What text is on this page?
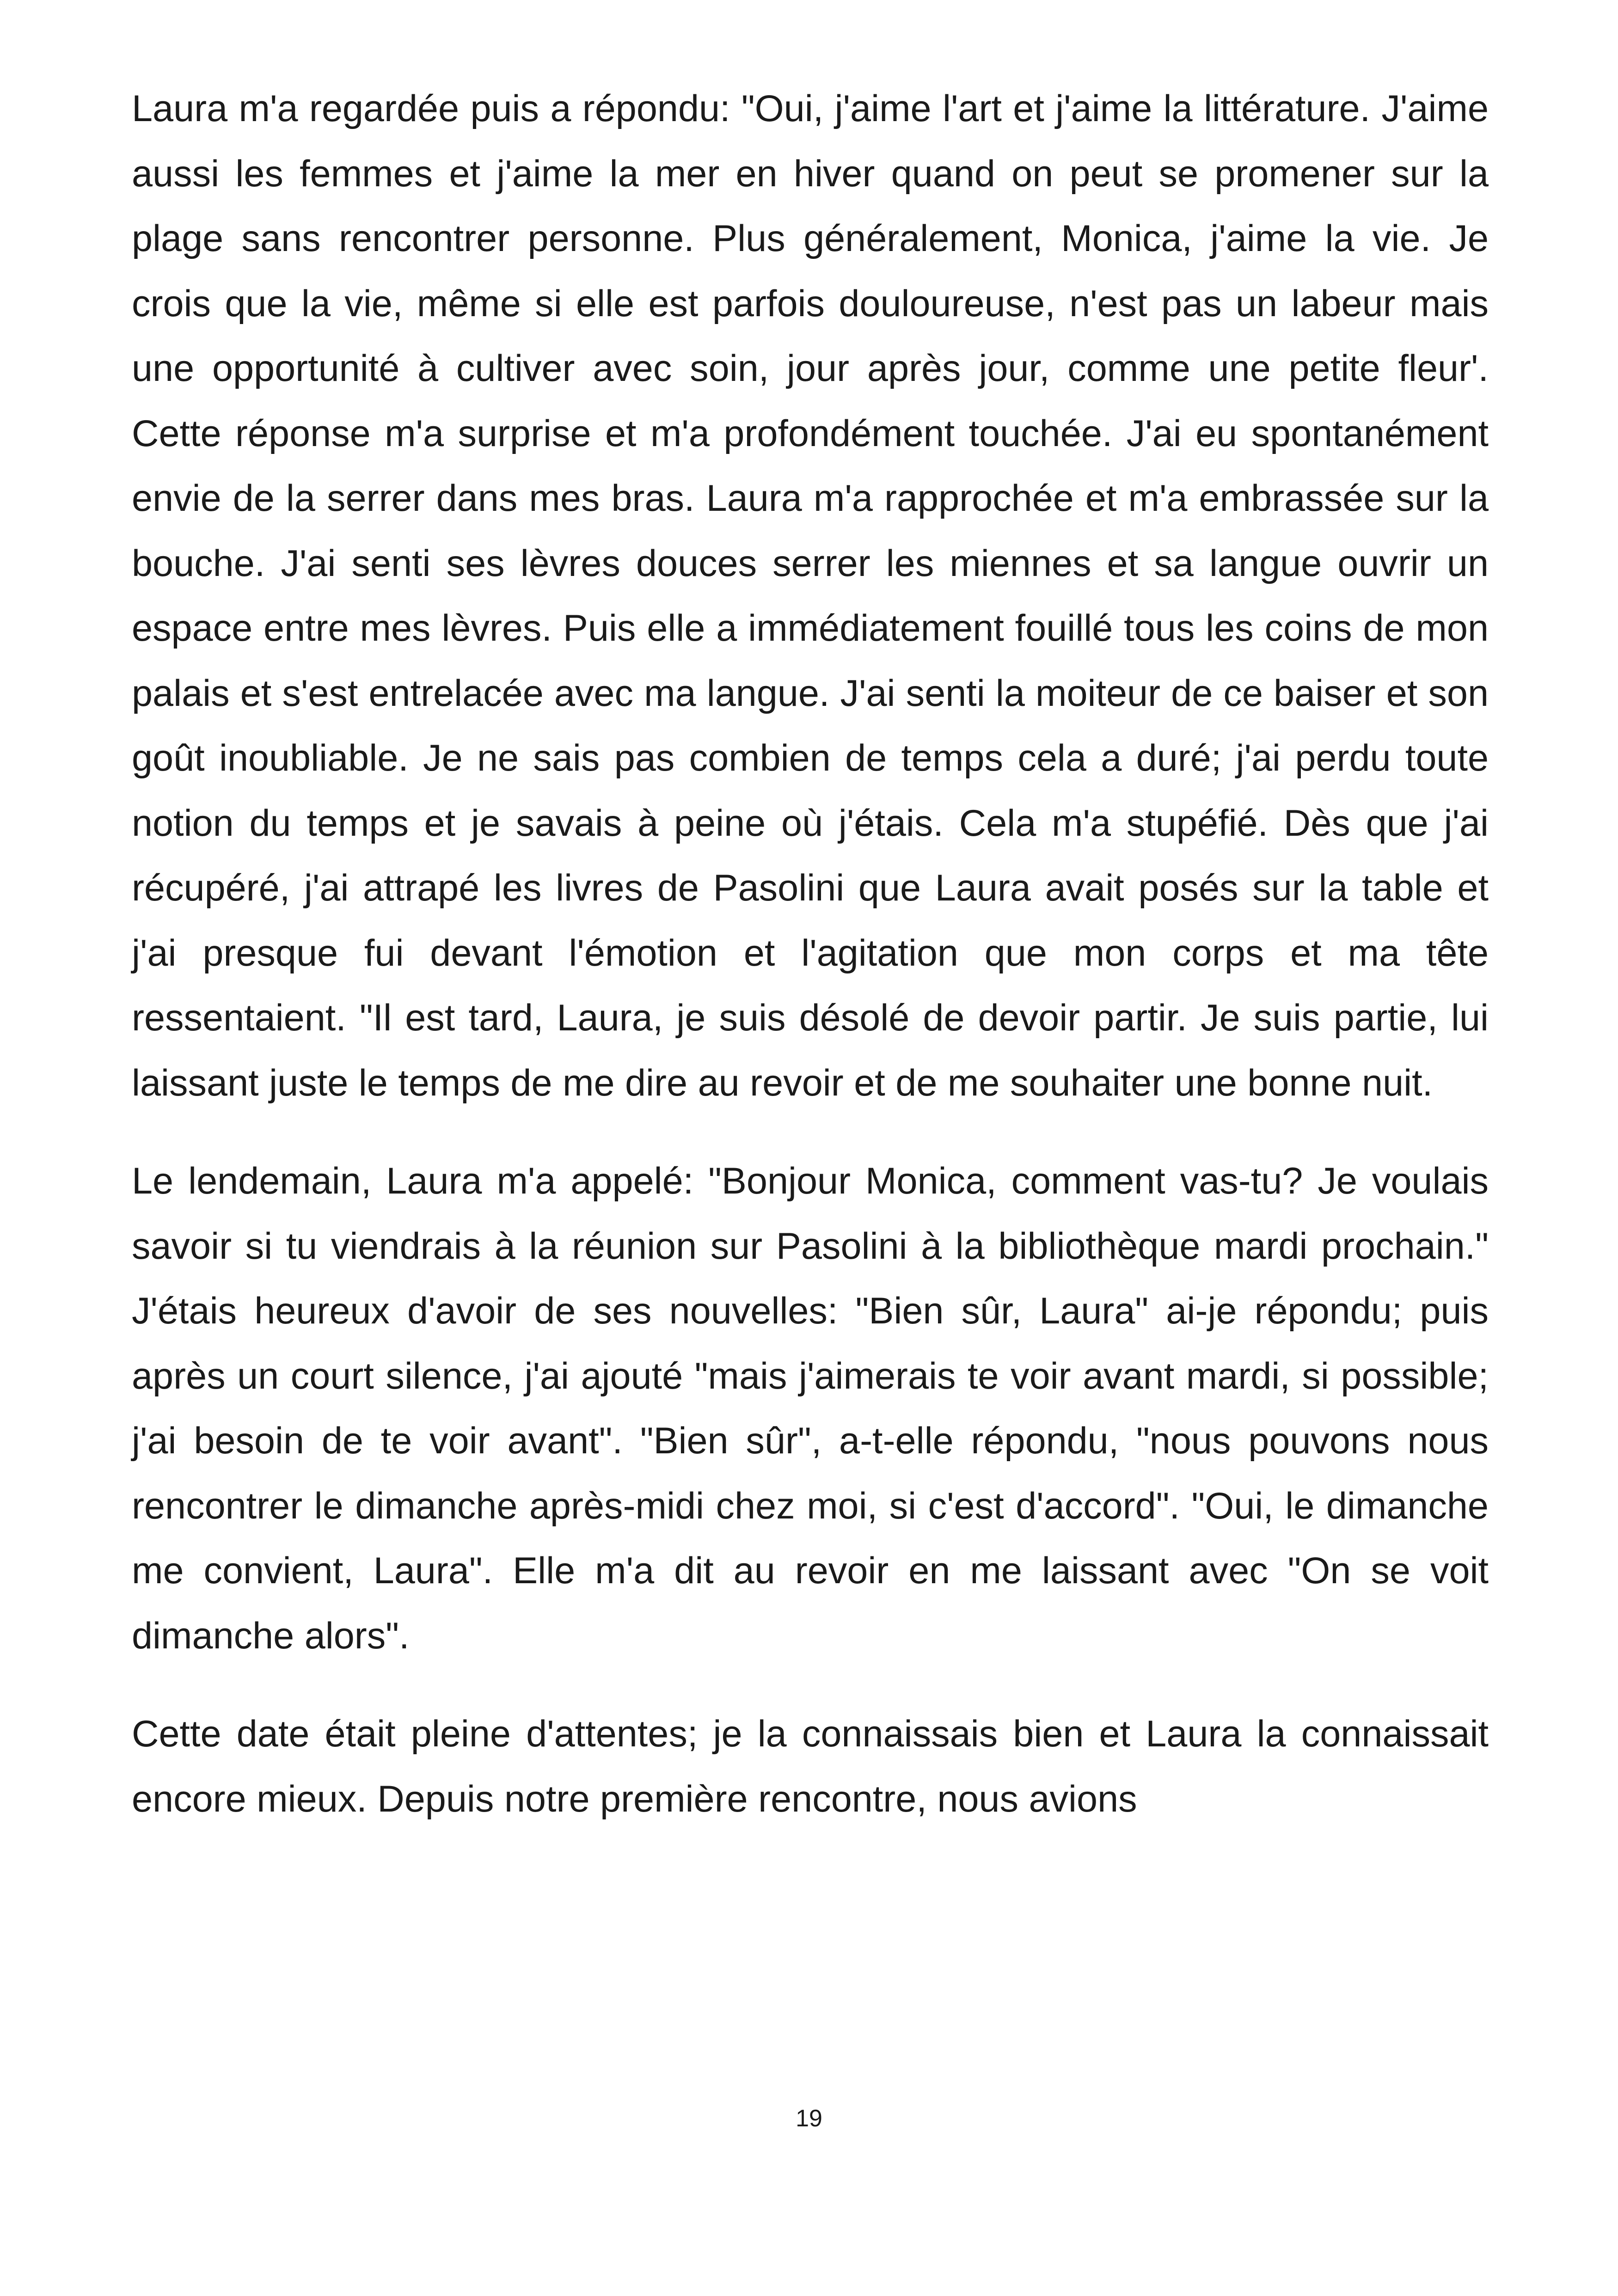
Laura m'a regardée puis a répondu: "Oui, j'aime l'art et j'aime la littérature. J'aime aussi les femmes et j'aime la mer en hiver quand on peut se promener sur la plage sans rencontrer personne. Plus généralement, Monica, j'aime la vie. Je crois que la vie, même si elle est parfois douloureuse, n'est pas un labeur mais une opportunité à cultiver avec soin, jour après jour, comme une petite fleur'. Cette réponse m'a surprise et m'a profondément touchée. J'ai eu spontanément envie de la serrer dans mes bras. Laura m'a rapprochée et m'a embrassée sur la bouche. J'ai senti ses lèvres douces serrer les miennes et sa langue ouvrir un espace entre mes lèvres. Puis elle a immédiatement fouillé tous les coins de mon palais et s'est entrelacée avec ma langue. J'ai senti la moiteur de ce baiser et son goût inoubliable. Je ne sais pas combien de temps cela a duré; j'ai perdu toute notion du temps et je savais à peine où j'étais. Cela m'a stupéfié. Dès que j'ai récupéré, j'ai attrapé les livres de Pasolini que Laura avait posés sur la table et j'ai presque fui devant l'émotion et l'agitation que mon corps et ma tête ressentaient. "Il est tard, Laura, je suis désolé de devoir partir. Je suis partie, lui laissant juste le temps de me dire au revoir et de me souhaiter une bonne nuit.

Le lendemain, Laura m'a appelé: "Bonjour Monica, comment vas-tu? Je voulais savoir si tu viendrais à la réunion sur Pasolini à la bibliothèque mardi prochain." J'étais heureux d'avoir de ses nouvelles: "Bien sûr, Laura" ai-je répondu; puis après un court silence, j'ai ajouté "mais j'aimerais te voir avant mardi, si possible; j'ai besoin de te voir avant". "Bien sûr", a-t-elle répondu, "nous pouvons nous rencontrer le dimanche après-midi chez moi, si c'est d'accord". "Oui, le dimanche me convient, Laura". Elle m'a dit au revoir en me laissant avec "On se voit dimanche alors".

Cette date était pleine d'attentes; je la connaissais bien et Laura la connaissait encore mieux. Depuis notre première rencontre, nous avions

19
